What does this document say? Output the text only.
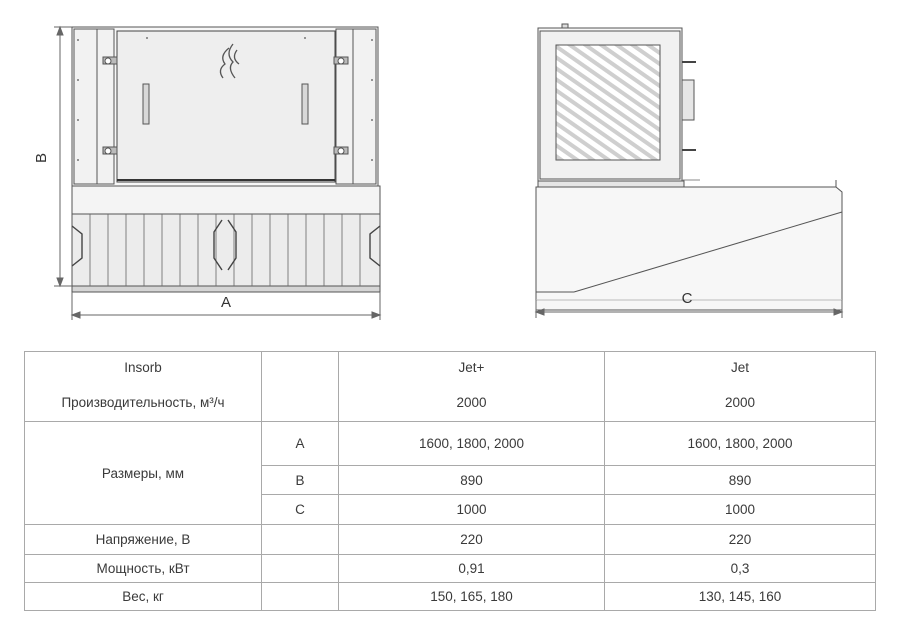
B
A	C
Insorb		Jet+	Jet
Производительность, м³/ч		2000	2000
Размеры, мм	A	1600, 1800, 2000	1600, 1800, 2000
	B	890	890
	C	1000	1000
Напряжение, В		220	220
Мощность, кВт		0,91	0,3
Вес, кг		150, 165, 180	130, 145, 160
